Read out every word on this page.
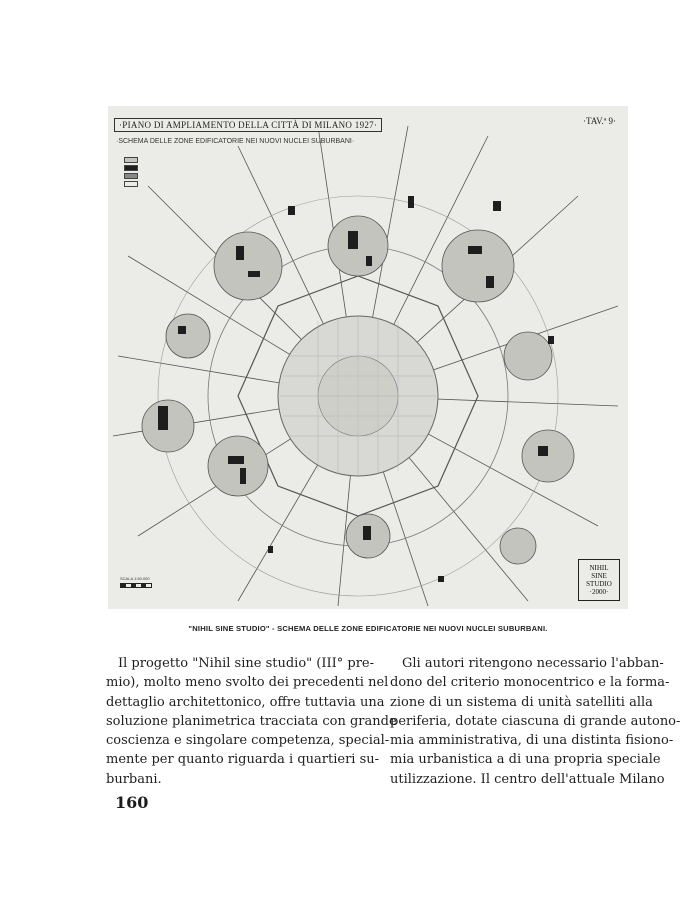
·PIANO DI AMPLIAMENTO DELLA CITTÀ DI MILANO 1927·
·SCHEMA DELLE ZONE EDIFICATORIE NEI NUOVI NUCLEI SUBURBANI·
·TAV.ª 9·
SCALA 1:50.000
NIHIL
SINE
STUDIO
·2000·
"NIHIL SINE STUDIO" - SCHEMA DELLE ZONE EDIFICATORIE NEI NUOVI NUCLEI SUBURBANI.
Il progetto "Nihil sine studio" (III° pre-
mio), molto meno svolto dei precedenti nel
dettaglio architettonico, offre tuttavia una
soluzione planimetrica tracciata con grande
coscienza e singolare competenza, special-
mente per quanto riguarda i quartieri su-
burbani.
Gli autori ritengono necessario l'abban-
dono del criterio monocentrico e la forma-
zione di un sistema di unità satelliti alla
periferia, dotate ciascuna di grande autono-
mia amministrativa, di una distinta fisiono-
mia urbanistica a di una propria speciale
utilizzazione. Il centro dell'attuale Milano
160
